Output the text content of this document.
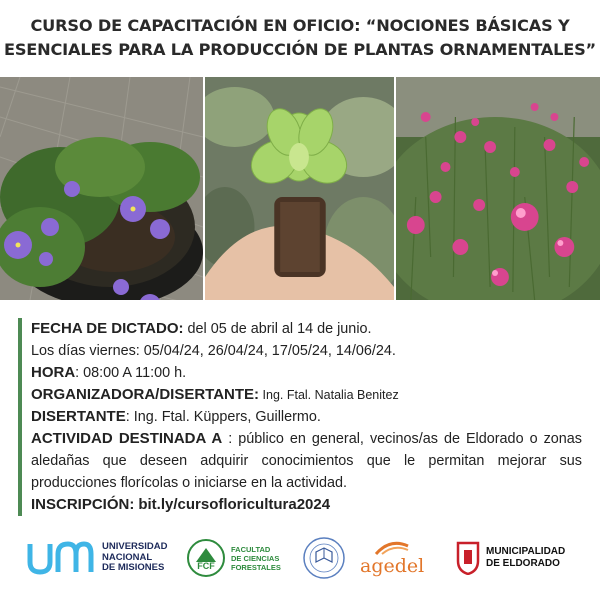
CURSO DE CAPACITACIÓN EN OFICIO: “NOCIONES BÁSICAS Y
ESENCIALES PARA LA PRODUCCIÓN DE PLANTAS ORNAMENTALES”
FECHA DE DICTADO: del 05 de abril al 14 de junio.
Los días viernes: 05/04/24, 26/04/24, 17/05/24, 14/06/24.
HORA: 08:00 A 11:00 h.
ORGANIZADORA/DISERTANTE: Ing. Ftal. Natalia Benitez
DISERTANTE: Ing. Ftal. Küppers, Guillermo.
ACTIVIDAD DESTINADA A : público en general, vecinos/as de Eldorado o zonas aledañas que deseen adquirir conocimientos que le permitan mejorar sus producciones florícolas o iniciarse en la actividad.
INSCRIPCIÓN: bit.ly/cursofloricultura2024
UNIVERSIDAD
NACIONAL
DE MISIONES	FCF
FACULTAD
DE CIENCIAS
FORESTALES	agedel
MUNICIPALIDAD
DE ELDORADO
